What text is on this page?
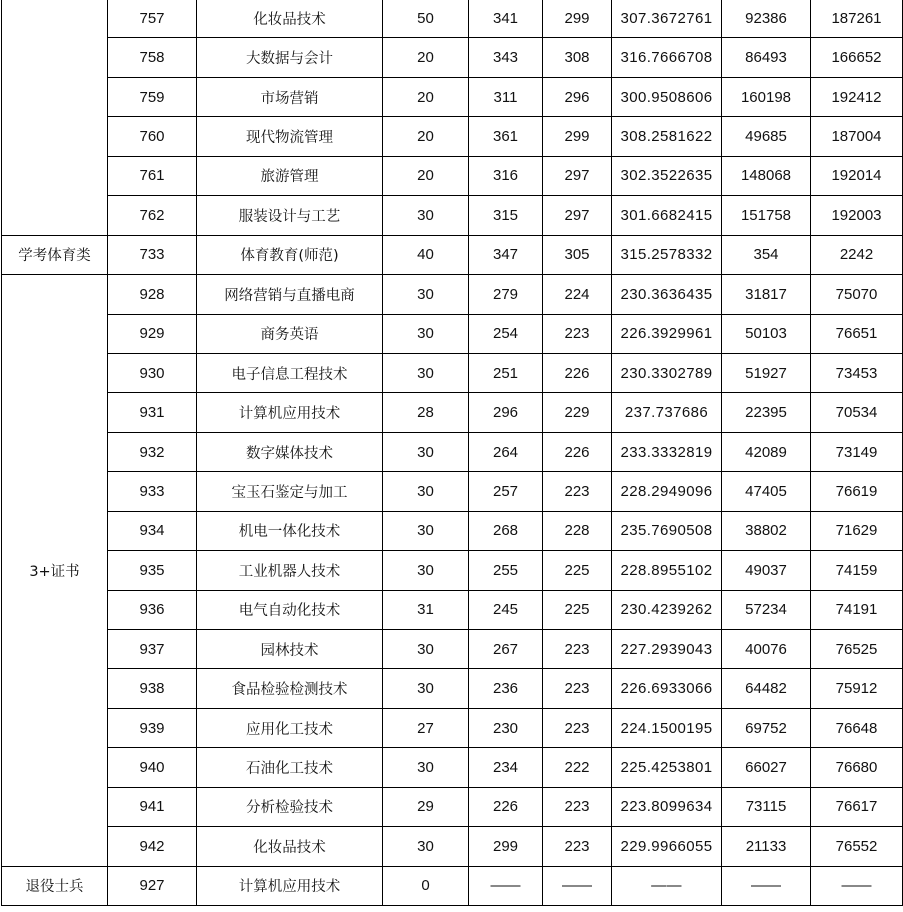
	757	化妆品技术	50	341	299	307.3672761	92386	187261
	758	大数据与会计	20	343	308	316.7666708	86493	166652
	759	市场营销	20	311	296	300.9508606	160198	192412
	760	现代物流管理	20	361	299	308.2581622	49685	187004
	761	旅游管理	20	316	297	302.3522635	148068	192014
	762	服装设计与工艺	30	315	297	301.6682415	151758	192003
学考体育类	733	体育教育(师范)	40	347	305	315.2578332	354	2242
3+证书	928	网络营销与直播电商	30	279	224	230.3636435	31817	75070
	929	商务英语	30	254	223	226.3929961	50103	76651
	930	电子信息工程技术	30	251	226	230.3302789	51927	73453
	931	计算机应用技术	28	296	229	237.737686	22395	70534
	932	数字媒体技术	30	264	226	233.3332819	42089	73149
	933	宝玉石鉴定与加工	30	257	223	228.2949096	47405	76619
	934	机电一体化技术	30	268	228	235.7690508	38802	71629
	935	工业机器人技术	30	255	225	228.8955102	49037	74159
	936	电气自动化技术	31	245	225	230.4239262	57234	74191
	937	园林技术	30	267	223	227.2939043	40076	76525
	938	食品检验检测技术	30	236	223	226.6933066	64482	75912
	939	应用化工技术	27	230	223	224.1500195	69752	76648
	940	石油化工技术	30	234	222	225.4253801	66027	76680
	941	分析检验技术	29	226	223	223.8099634	73115	76617
	942	化妆品技术	30	299	223	229.9966055	21133	76552
退役士兵	927	计算机应用技术	0	——	——	——	——	——
